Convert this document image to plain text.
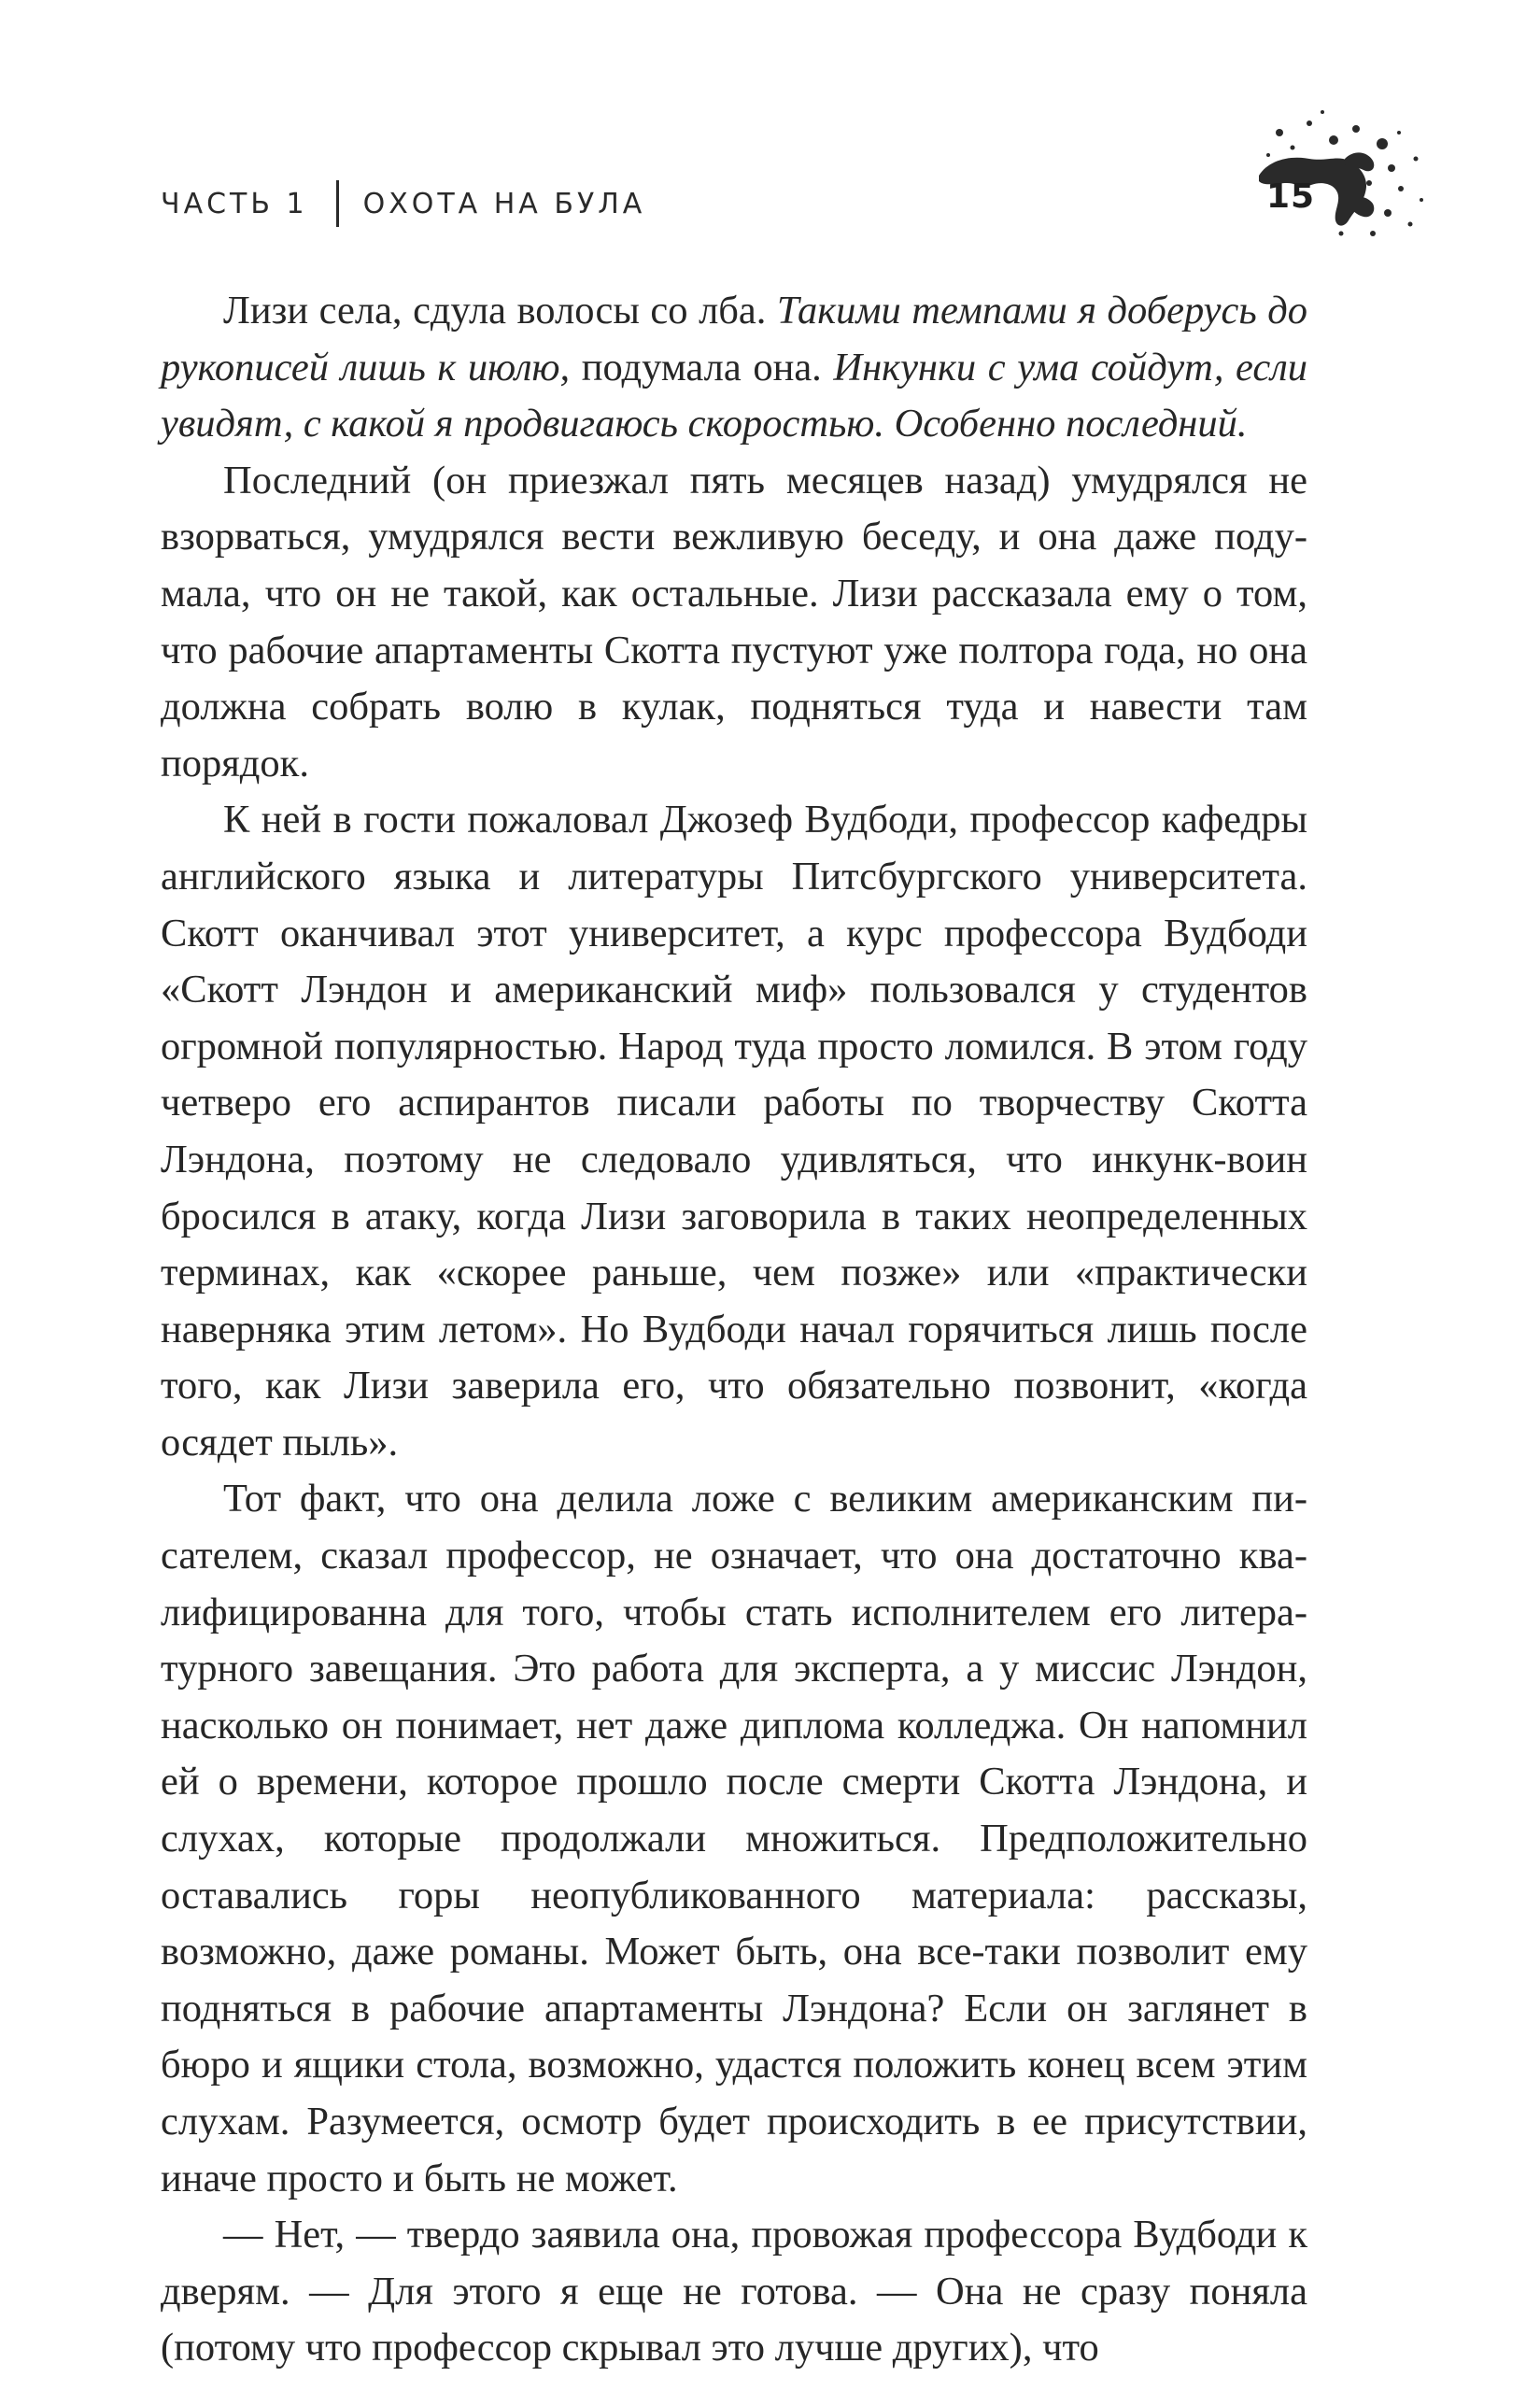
ЧАСТЬ 1 ОХОТА НА БУЛА	15

Лизи села, сдула волосы со лба. Такими темпами я доберусь до рукописей лишь к июлю, подумала она. Инкунки с ума сойдут, если увидят, с какой я продвигаюсь скоростью. Особенно последний.

Последний (он приезжал пять месяцев назад) умудрялся не взорваться, умудрялся вести вежливую беседу, и она даже подумала, что он не такой, как остальные. Лизи рассказала ему о том, что рабочие апартаменты Скотта пустуют уже полтора года, но она должна собрать волю в кулак, подняться туда и навести там порядок.

К ней в гости пожаловал Джозеф Вудбоди, профессор кафедры английского языка и литературы Питсбургского университета. Скотт оканчивал этот университет, а курс профессора Вудбоди «Скотт Лэндон и американский миф» пользовался у студентов огромной популярностью. Народ туда просто ломился. В этом году четверо его аспирантов писали работы по творчеству Скотта Лэндона, поэтому не следовало удивляться, что инкунк-воин бросился в атаку, когда Лизи заговорила в таких неопределенных терминах, как «скорее раньше, чем позже» или «практически наверняка этим летом». Но Вудбоди начал горячиться лишь после того, как Лизи заверила его, что обязательно позвонит, «когда осядет пыль».

Тот факт, что она делила ложе с великим американским писателем, сказал профессор, не означает, что она достаточно квалифицированна для того, чтобы стать исполнителем его литературного завещания. Это работа для эксперта, а у миссис Лэндон, насколько он понимает, нет даже диплома колледжа. Он напомнил ей о времени, которое прошло после смерти Скотта Лэндона, и слухах, которые продолжали множиться. Предположительно оставались горы неопубликованного материала: рассказы, возможно, даже романы. Может быть, она все-таки позволит ему подняться в рабочие апартаменты Лэндона? Если он заглянет в бюро и ящики стола, возможно, удастся положить конец всем этим слухам. Разумеется, осмотр будет происходить в ее присутствии, иначе просто и быть не может.

— Нет, — твердо заявила она, провожая профессора Вудбоди к дверям. — Для этого я еще не готова. — Она не сразу поняла (потому что профессор скрывал это лучше других), что
